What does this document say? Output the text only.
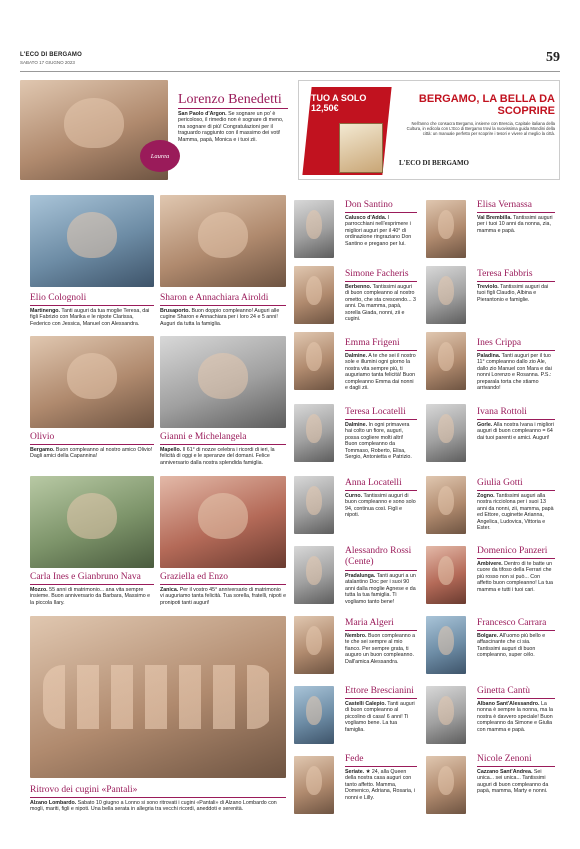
L'ECO DI BERGAMO
SABATO 17 GIUGNO 2023	59
Laurea
Lorenzo Benedetti

San Paolo d'Argon. Se sognare un po' è pericoloso, il rimedio non è sognare di meno, ma sognare di più! Congratulazioni per il traguardo raggiunto con il massimo dei voti! Mamma, papà, Monica e i tuoi zii.

TUO A SOLO 12,50€
BERGAMO, LA BELLA DA SCOPRIRE
Nell'anno che consacra Bergamo, insieme con Brescia, Capitale italiana della Cultura, in edicola con L'Eco di Bergamo trovi la nuovissima guida Mondini della città: un manuale perfetto per scoprire i tesori e vivere al meglio la città.
L'ECO DI BERGAMO
Elio Colognoli

Martinengo. Tanti auguri da tua moglie Teresa, dai figli Fabrizio con Marika e le nipote Clarissa, Federico con Jessica, Manuel con Alessandra.

Olivio

Bergamo. Buon compleanno al nostro amico Olivio! Dagli amici della Capannina!

Carla Ines e Gianbruno Nava

Mozzo. 55 anni di matrimonio... ana vita sempre insieme. Buon anniversario da Barbara, Massimo e la piccola Ilary.

Sharon e Annachiara Airoldi

Brusaporto. Buon doppio compleanno! Auguri alle cugine Sharon e Annachiara per i loro 24 e 5 anni! Auguri da tutta la famiglia.

Gianni e Michelangela

Mapello. Il 61° di nozze celebra i ricordi di ieri, la felicità di oggi e le speranze del domani. Felice anniversario dalla nostra splendida famiglia.

Graziella ed Enzo

Zanica. Per il vostro 45° anniversario di matrimonio vi auguriamo tanta felicità. Tua sorella, fratelli, nipoti e pronipoti tanti auguri!

Ritrovo dei cugini «Pantali»

Alzano Lombardo. Sabato 10 giugno a Lonno si sono ritrovati i cugini «Pantali» di Alzano Lombardo con mogli, mariti, figli e nipoti. Una bella serata in allegria tra vecchi ricordi, aneddoti e serenità.

Don Santino

Calusco d'Adda. I parrocchiani nell'esprimere i migliori auguri per il 40° di ordinazione ringraziano Don Santino e pregano per lui.

Simone Facheris

Berbenno. Tantissimi auguri di buon compleanno al nostro ometto, che sta crescendo... 3 anni. Da mamma, papà, sorella Giada, nonni, zii e cugini.

Emma Frigeni

Dalmine. A te che sei il nostro sole e illumini ogni giorno la nostra vita sempre più, ti auguriamo tanta felicità! Buon compleanno Emma dai nonni e dagli zii.

Teresa Locatelli

Dalmine. In ogni primavera hai colto un fiore, auguri, possa cogliere molti altri! Buon compleanno da Tommaso, Roberto, Elisa, Sergio, Antonietta e Patrizio.

Anna Locatelli

Curno. Tantissimi auguri di buon compleanno e sono solo 94, continua così. Figli e nipoti.

Alessandro Rossi (Cente)

Pradalunga. Tanti auguri a un atalantino Doc per i suoi 90 anni dalla moglie Agnese e da tutta la tua famiglia. Ti vogliamo tanto bene!

Maria Algeri

Nembro. Buon compleanno a te che sei sempre al mio fianco. Per sempre grata, ti auguro un buon compleanno. Dall'amica Alessandra.

Ettore Brescianini

Castelli Calepio. Tanti auguri di buon compleanno al piccolino di casa! 6 anni! Ti vogliamo bene. La tua famiglia.

Fede

Seriate. ★ 24, alla Queen della nostra casa auguri con tanto affetto. Mamma, Domenico, Adriana, Rosaria, i nonni e Lilly.

Elisa Vernassa

Val Brembilla. Tantissimi auguri per i tuoi 10 anni da nonna, zia, mamma e papà.

Teresa Fabbris

Treviolo. Tantissimi auguri dai tuoi figli Claudio, Albina e Pierantonio e famiglie.

Ines Crippa

Paladina. Tanti auguri per il tuo 11° compleanno dallo zio Ale, dallo zio Manuel con Mara e dai nonni Lorenzo e Rosanna. P.S.: preparala torta che stiamo arrivando!

Ivana Rottoli

Gorle. Alla nostra Ivana i migliori auguri di buon compleanno = 64 dai tuoi parenti e amici. Auguri!

Giulia Gotti

Zogno. Tantissimi auguri alla nostra ricciolona per i suoi 13 anni da nonni, zii, mamma, papà ed Ettore, cuginette Arianna, Angelica, Ludovica, Vittoria e Ester.

Domenico Panzeri

Ambivere. Dentro di te batte un cuore da tifoso della Ferrari che più rosso non si può... Con affetto buon compleanno! La tua mamma e tutti i tuoi cari.

Francesco Carrara

Bolgare. All'uomo più bello e affascinante che ci sia. Tantissimi auguri di buon compleanno, super célo.

Ginetta Cantù

Albano Sant'Alessandro. La nonna è sempre la nonna, ma la nostra è davvero speciale! Buon compleanno da Simone e Giulia con mamma e papà.

Nicole Zenoni

Cazzano Sant'Andrea. Sei unica... sei unica... Tantissimi auguri di buon compleanno da papà, mamma, Marty e nonni.
